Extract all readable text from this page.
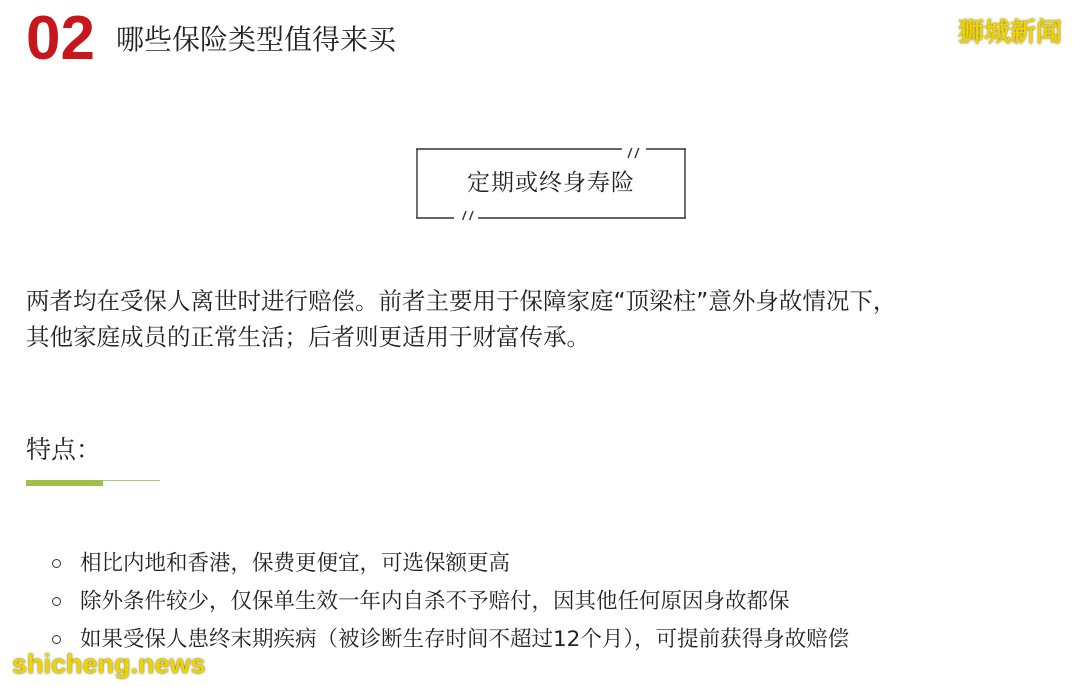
02 哪些保险类型值得来买	狮城新闻
定期或终身寿险
两者均在受保人离世时进行赔偿。前者主要用于保障家庭“顶梁柱”意外身故情况下，
其他家庭成员的正常生活；后者则更适用于财富传承。
特点：
相比内地和香港，保费更便宜，可选保额更高
除外条件较少，仅保单生效一年内自杀不予赔付，因其他任何原因身故都保
如果受保人患终末期疾病（被诊断生存时间不超过12个月），可提前获得身故赔偿
shicheng.news
